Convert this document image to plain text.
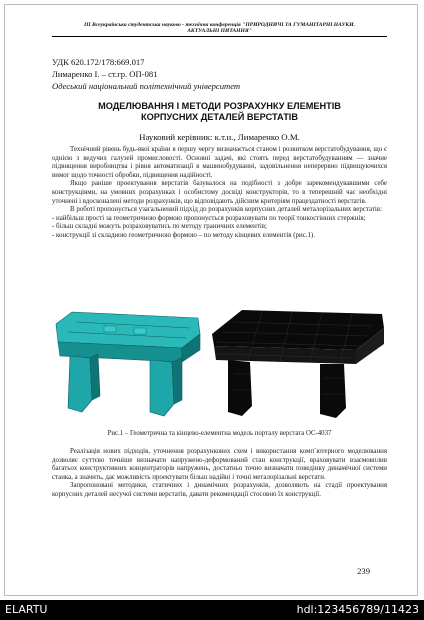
ІІІ Всеукраїнська студентська науково - технічна конференція "ПРИРОДНИЧІ ТА ГУМАНІТАРНІ НАУКИ.
АКТУАЛЬНІ ПИТАННЯ"
УДК 620.172/178:669.017
Лимаренко І. – ст.гр. ОП-081
Одеський національний політехнічний університет
МОДЕЛЮВАННЯ І МЕТОДИ РОЗРАХУНКУ ЕЛЕМЕНТІВ
КОРПУСНИХ ДЕТАЛЕЙ ВЕРСТАТІВ
Науковий керівник: к.т.н., Лимаренко О.М.

Технічний рівень будь-якої країни в першу чергу визначається станом і розвитком верстатобудування, що є однією з ведучих галузей промисловості. Основні задачі, які стоять перед верстатобудуванням — значне підвищення виробництва і рівня автоматизації в машинобудуванні, задовільнення неперервно підвищуючихся вимог щодо точності обробки, підвищення надійності.

Якщо раніше проектування верстатів базувалося на подібності з добре зарекомендувавшими себе конструкціями, на умовних розрахунках і особистому досвіді конструкторів, то в теперешній час необхідні уточнені і вдосконалені методи розрахунків, що відповідають дійсним критеріям працездатності верстатів.

В роботі пропонується узагальнений підхід до розрахунків корпусних деталей металорізальних верстатів:

- найбільш прості за геометричною формою пропонується розраховувати по теорії тонкостінних стержнів;

- більш складні можуть розраховуватись по методу граничних елементів;

- конструкції зі складною геометричною формою – по методу кінцевих елементів (рис.1).

Рис.1 – Геометрична та кінцево-елементна модель порталу верстата ОС-4037

Реалізація нових підходів, уточнення розрахункових схем і використання комп`ютерного моделювання дозволяє суттєво точніше визначати напружено-деформований стан конструкції, враховувати взаємовплив багатьох конструктивних концентраторів напружень, достатньо точно визначати поведінку динамічної системи станка, а значить, дає можливість проектувати більш надійні і точні металорізальні верстати.

Запропоновані методики, статичних і динамічних розрахунків, дозволяють на стадії проектування корпусних деталей несучої системи верстатів, давати рекомендації стосовно їх конструкції.

239
ELARTU	hdl:123456789/11423
